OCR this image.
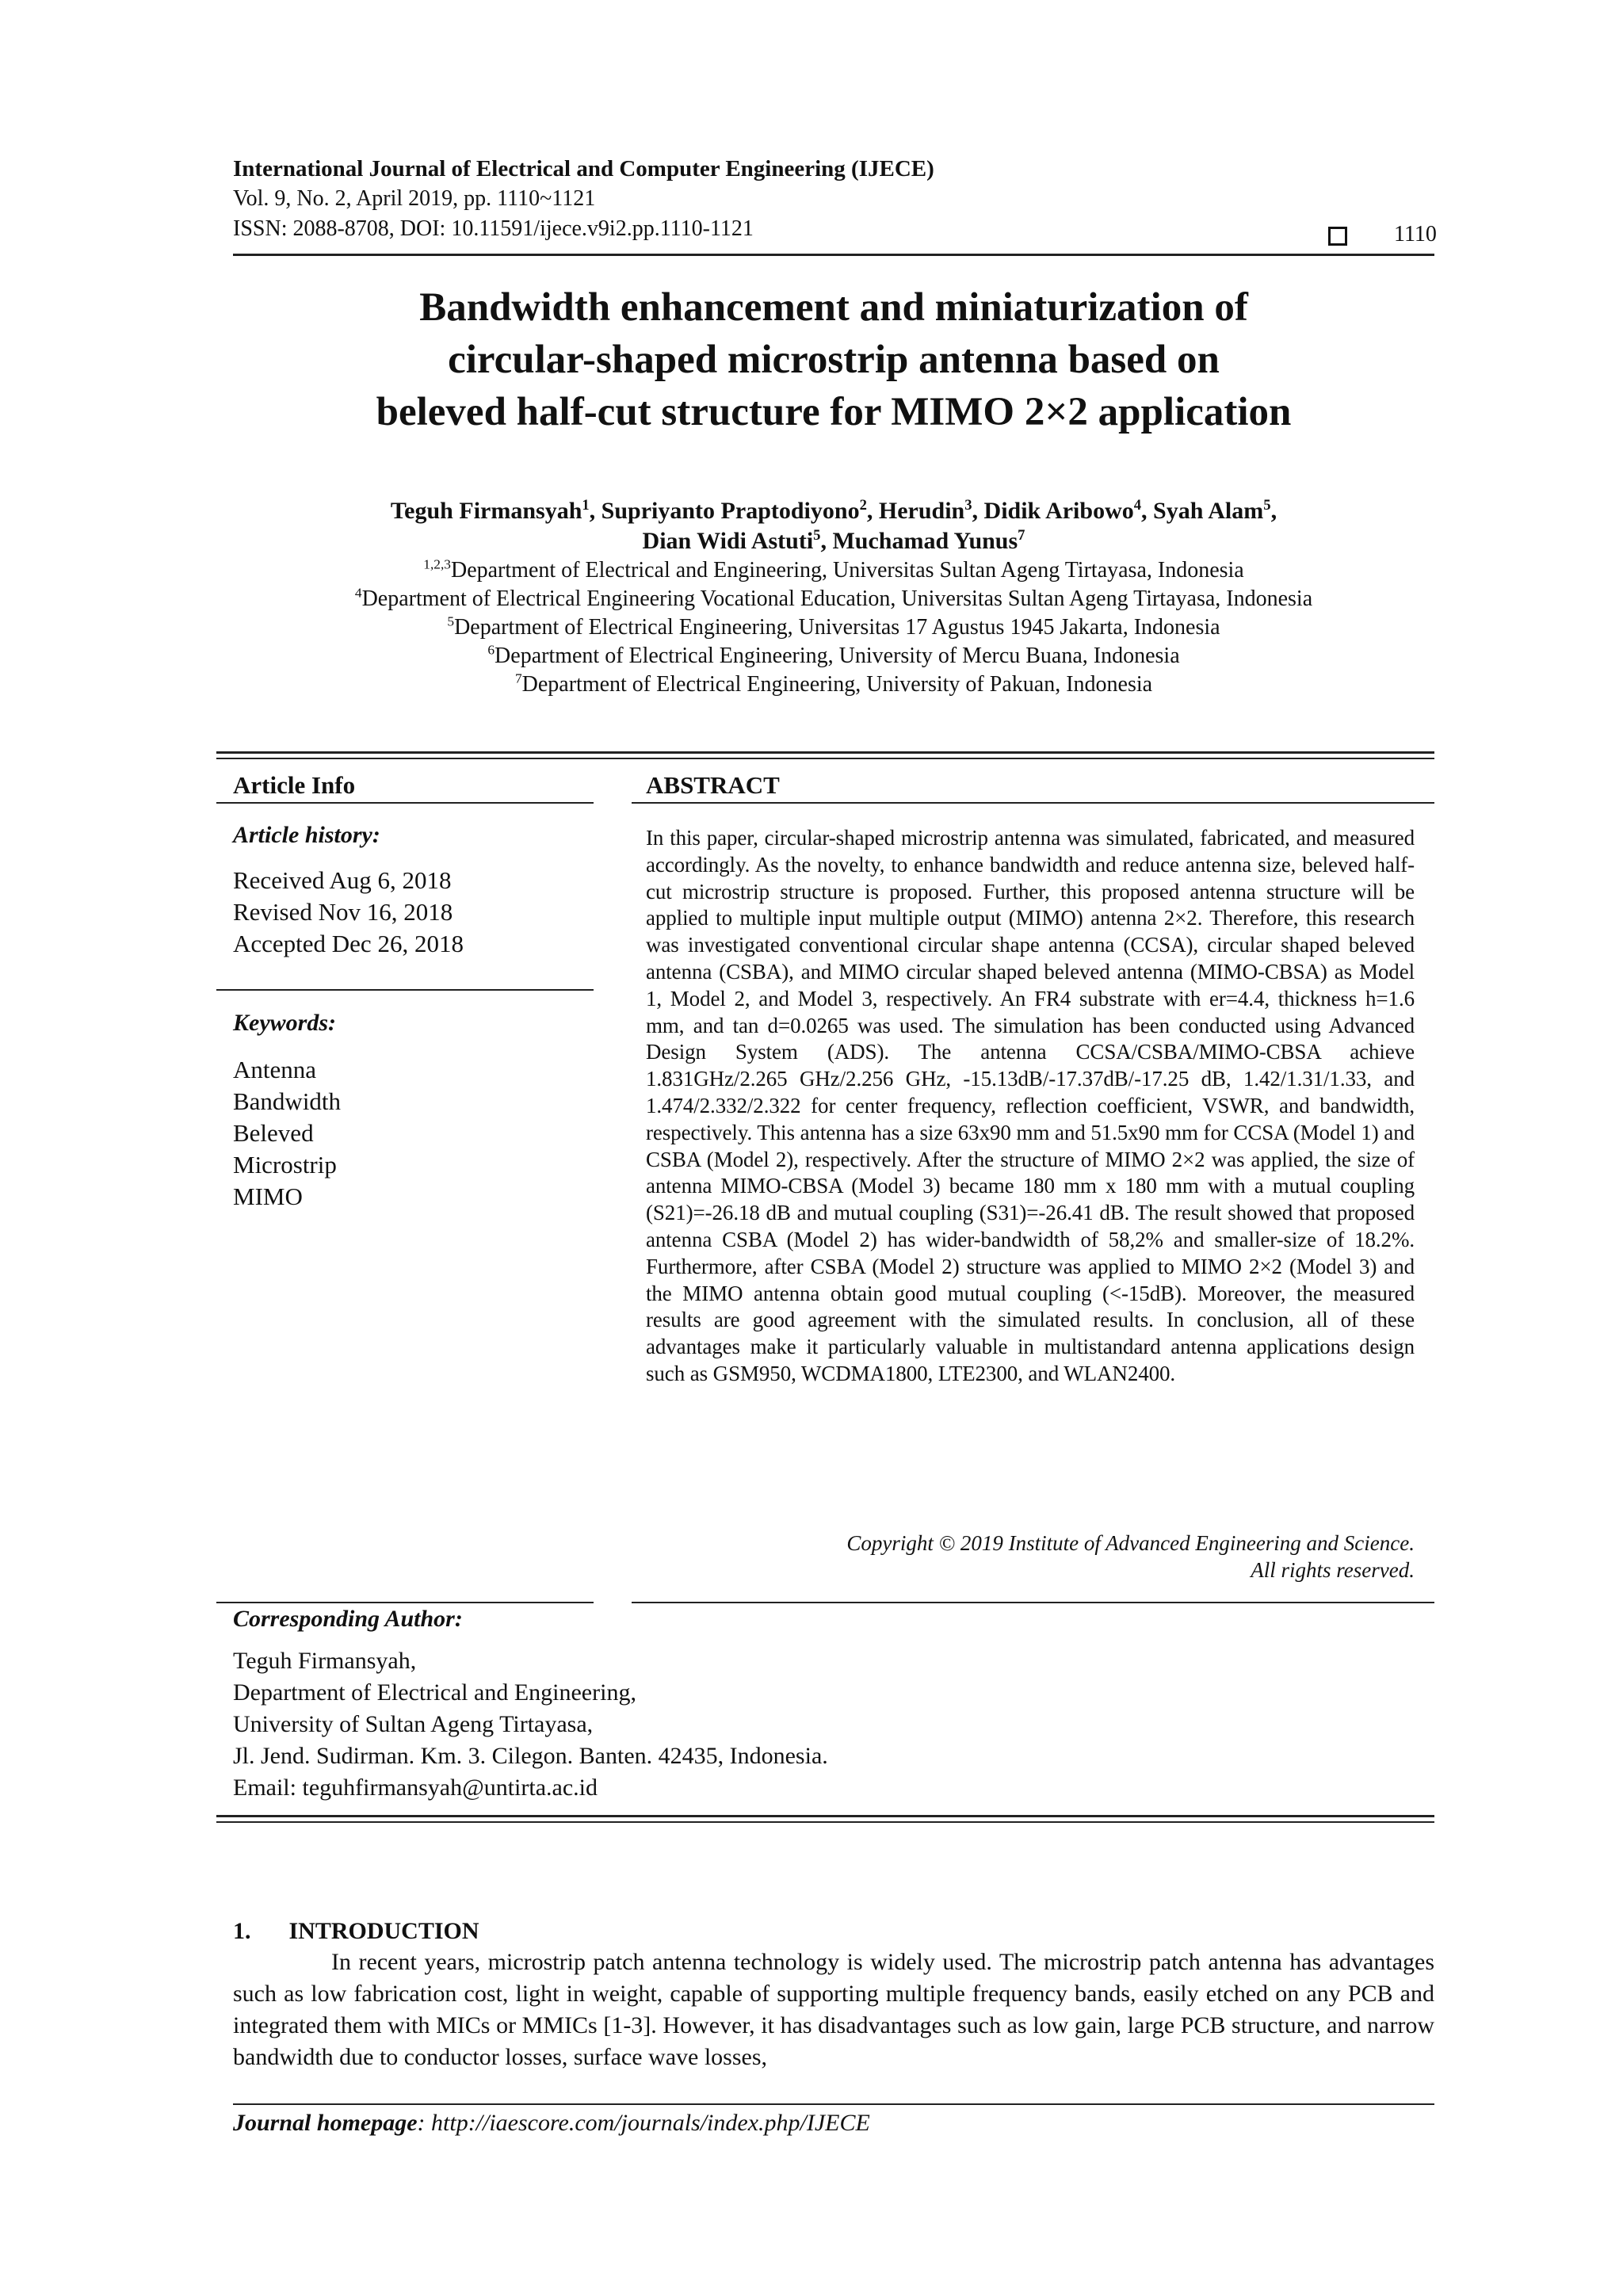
International Journal of Electrical and Computer Engineering (IJECE)
Vol. 9, No. 2, April 2019, pp. 1110~1121
ISSN: 2088-8708, DOI: 10.11591/ijece.v9i2.pp.1110-1121	1110
Bandwidth enhancement and miniaturization of
circular-shaped microstrip antenna based on
beleved half-cut structure for MIMO 2×2 application
Teguh Firmansyah$^1$, Supriyanto Praptodiyono$^2$, Herudin$^3$, Didik Aribowo$^4$, Syah Alam$^5$,
Dian Widi Astuti$^5$, Muchamad Yunus$^7$
$^{1,2,3}$Department of Electrical and Engineering, Universitas Sultan Ageng Tirtayasa, Indonesia
$^4$Department of Electrical Engineering Vocational Education, Universitas Sultan Ageng Tirtayasa, Indonesia
$^5$Department of Electrical Engineering, Universitas 17 Agustus 1945 Jakarta, Indonesia
$^6$Department of Electrical Engineering, University of Mercu Buana, Indonesia
$^7$Department of Electrical Engineering, University of Pakuan, Indonesia
Article Info
Article history:
Received Aug 6, 2018
Revised Nov 16, 2018
Accepted Dec 26, 2018
Keywords:
Antenna
Bandwidth
Beleved
Microstrip
MIMO
ABSTRACT
In this paper, circular-shaped microstrip antenna was simulated, fabricated, and measured accordingly. As the novelty, to enhance bandwidth and reduce antenna size, beleved half-cut microstrip structure is proposed. Further, this proposed antenna structure will be applied to multiple input multiple output (MIMO) antenna 2×2. Therefore, this research was investigated conventional circular shape antenna (CCSA), circular shaped beleved antenna (CSBA), and MIMO circular shaped beleved antenna (MIMO-CBSA) as Model 1, Model 2, and Model 3, respectively. An FR4 substrate with er=4.4, thickness h=1.6 mm, and tan d=0.0265 was used. The simulation has been conducted using Advanced Design System (ADS). The antenna CCSA/CSBA/MIMO-CBSA achieve 1.831GHz/2.265 GHz/2.256 GHz, -15.13dB/-17.37dB/-17.25 dB, 1.42/1.31/1.33, and 1.474/2.332/2.322 for center frequency, reflection coefficient, VSWR, and bandwidth, respectively. This antenna has a size 63x90 mm and 51.5x90 mm for CCSA (Model 1) and CSBA (Model 2), respectively. After the structure of MIMO 2×2 was applied, the size of antenna MIMO-CBSA (Model 3) became 180 mm x 180 mm with a mutual coupling (S21)=-26.18 dB and mutual coupling (S31)=-26.41 dB. The result showed that proposed antenna CSBA (Model 2) has wider-bandwidth of 58,2% and smaller-size of 18.2%. Furthermore, after CSBA (Model 2) structure was applied to MIMO 2×2 (Model 3) and the MIMO antenna obtain good mutual coupling (<-15dB). Moreover, the measured results are good agreement with the simulated results. In conclusion, all of these advantages make it particularly valuable in multistandard antenna applications design such as GSM950, WCDMA1800, LTE2300, and WLAN2400.
Copyright © 2019 Institute of Advanced Engineering and Science.
All rights reserved.
Corresponding Author:
Teguh Firmansyah,
Department of Electrical and Engineering,
University of Sultan Ageng Tirtayasa,
Jl. Jend. Sudirman. Km. 3. Cilegon. Banten. 42435, Indonesia.
Email: teguhfirmansyah@untirta.ac.id
1. INTRODUCTION
In recent years, microstrip patch antenna technology is widely used. The microstrip patch antenna has advantages such as low fabrication cost, light in weight, capable of supporting multiple frequency bands, easily etched on any PCB and integrated them with MICs or MMICs [1-3]. However, it has disadvantages such as low gain, large PCB structure, and narrow bandwidth due to conductor losses, surface wave losses,
Journal homepage: http://iaescore.com/journals/index.php/IJECE
